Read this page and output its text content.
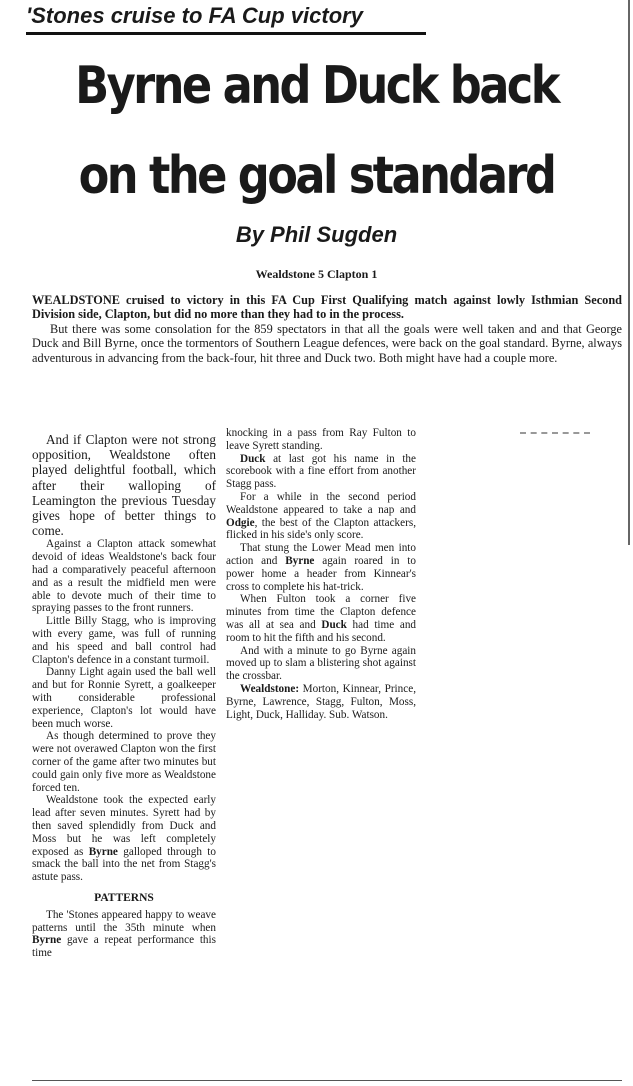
'Stones cruise to FA Cup victory
Byrne and Duck back
on the goal standard
By Phil Sugden
Wealdstone 5 Clapton 1

WEALDSTONE cruised to victory in this FA Cup First Qualifying match against lowly Isthmian Second Division side, Clapton, but did no more than they had to in the process.

But there was some consolation for the 859 spectators in that all the goals were well taken and and that George Duck and Bill Byrne, once the tormentors of Southern League defences, were back on the goal standard. Byrne, always adventurous in advancing from the back-four, hit three and Duck two. Both might have had a couple more.

And if Clapton were not strong opposition, Wealdstone often played delightful football, which after their walloping of Leamington the previous Tuesday gives hope of better things to come.

Against a Clapton attack somewhat devoid of ideas Wealdstone's back four had a comparatively peaceful afternoon and as a result the midfield men were able to devote much of their time to spraying passes to the front runners.

Little Billy Stagg, who is improving with every game, was full of running and his speed and ball control had Clapton's defence in a constant turmoil.

Danny Light again used the ball well and but for Ronnie Syrett, a goalkeeper with considerable professional experience, Clapton's lot would have been much worse.

As though determined to prove they were not overawed Clapton won the first corner of the game after two minutes but could gain only five more as Wealdstone forced ten.

Wealdstone took the expected early lead after seven minutes. Syrett had by then saved splendidly from Duck and Moss but he was left completely exposed as Byrne galloped through to smack the ball into the net from Stagg's astute pass.

PATTERNS

The 'Stones appeared happy to weave patterns until the 35th minute when Byrne gave a repeat performance this time

knocking in a pass from Ray Fulton to leave Syrett standing.

Duck at last got his name in the scorebook with a fine effort from another Stagg pass.

For a while in the second period Wealdstone appeared to take a nap and Odgie, the best of the Clapton attackers, flicked in his side's only score.

That stung the Lower Mead men into action and Byrne again roared in to power home a header from Kinnear's cross to complete his hat-trick.

When Fulton took a corner five minutes from time the Clapton defence was all at sea and Duck had time and room to hit the fifth and his second.

And with a minute to go Byrne again moved up to slam a blistering shot against the crossbar.

Wealdstone: Morton, Kinnear, Prince, Byrne, Lawrence, Stagg, Fulton, Moss, Light, Duck, Halliday. Sub. Watson.
